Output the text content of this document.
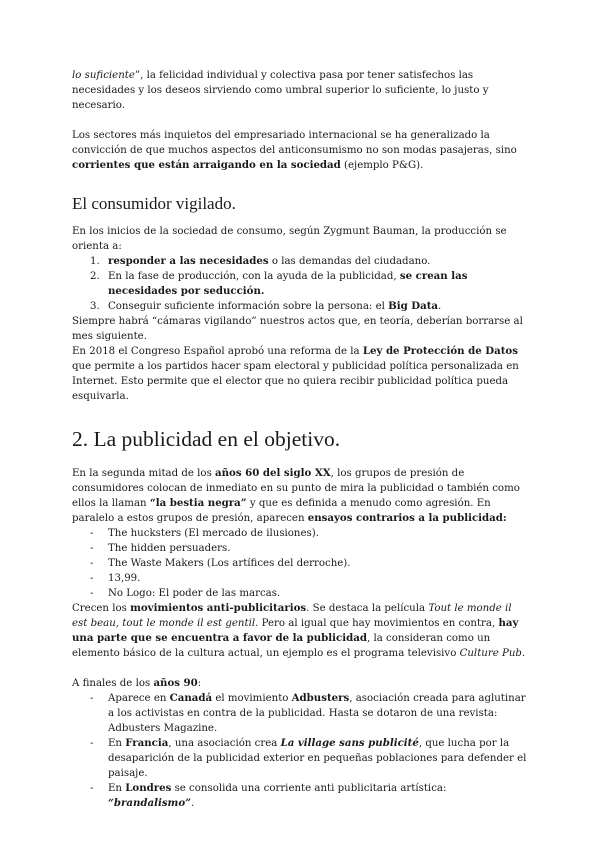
lo suficiente”, la felicidad individual y colectiva pasa por tener satisfechos las necesidades y los deseos sirviendo como umbral superior lo suficiente, lo justo y necesario.

Los sectores más inquietos del empresariado internacional se ha generalizado la convicción de que muchos aspectos del anticonsumismo no son modas pasajeras, sino corrientes que están arraigando en la sociedad (ejemplo P&G).

El consumidor vigilado.

En los inicios de la sociedad de consumo, según Zygmunt Bauman, la producción se orienta a:

1. responder a las necesidades o las demandas del ciudadano.
2. En la fase de producción, con la ayuda de la publicidad, se crean las necesidades por seducción.
3. Conseguir suficiente información sobre la persona: el Big Data.

Siempre habrá “cámaras vigilando” nuestros actos que, en teoría, deberían borrarse al mes siguiente.

En 2018 el Congreso Español aprobó una reforma de la Ley de Protección de Datos que permite a los partidos hacer spam electoral y publicidad política personalizada en Internet. Esto permite que el elector que no quiera recibir publicidad política pueda esquivarla.

2. La publicidad en el objetivo.

En la segunda mitad de los años 60 del siglo XX, los grupos de presión de consumidores colocan de inmediato en su punto de mira la publicidad o también como ellos la llaman “la bestia negra” y que es definida a menudo como agresión. En paralelo a estos grupos de presión, aparecen ensayos contrarios a la publicidad:

- The hucksters (El mercado de ilusiones).
- The hidden persuaders.
- The Waste Makers (Los artífices del derroche).
- 13,99.
- No Logo: El poder de las marcas.

Crecen los movimientos anti-publicitarios. Se destaca la película Tout le monde il est beau, tout le monde il est gentil. Pero al igual que hay movimientos en contra, hay una parte que se encuentra a favor de la publicidad, la consideran como un elemento básico de la cultura actual, un ejemplo es el programa televisivo Culture Pub.

A finales de los años 90:

- Aparece en Canadá el movimiento Adbusters, asociación creada para aglutinar a los activistas en contra de la publicidad. Hasta se dotaron de una revista: Adbusters Magazine.
- En Francia, una asociación crea La village sans publicité, que lucha por la desaparición de la publicidad exterior en pequeñas poblaciones para defender el paisaje.
- En Londres se consolida una corriente anti publicitaria artística: “brandalismo”.
